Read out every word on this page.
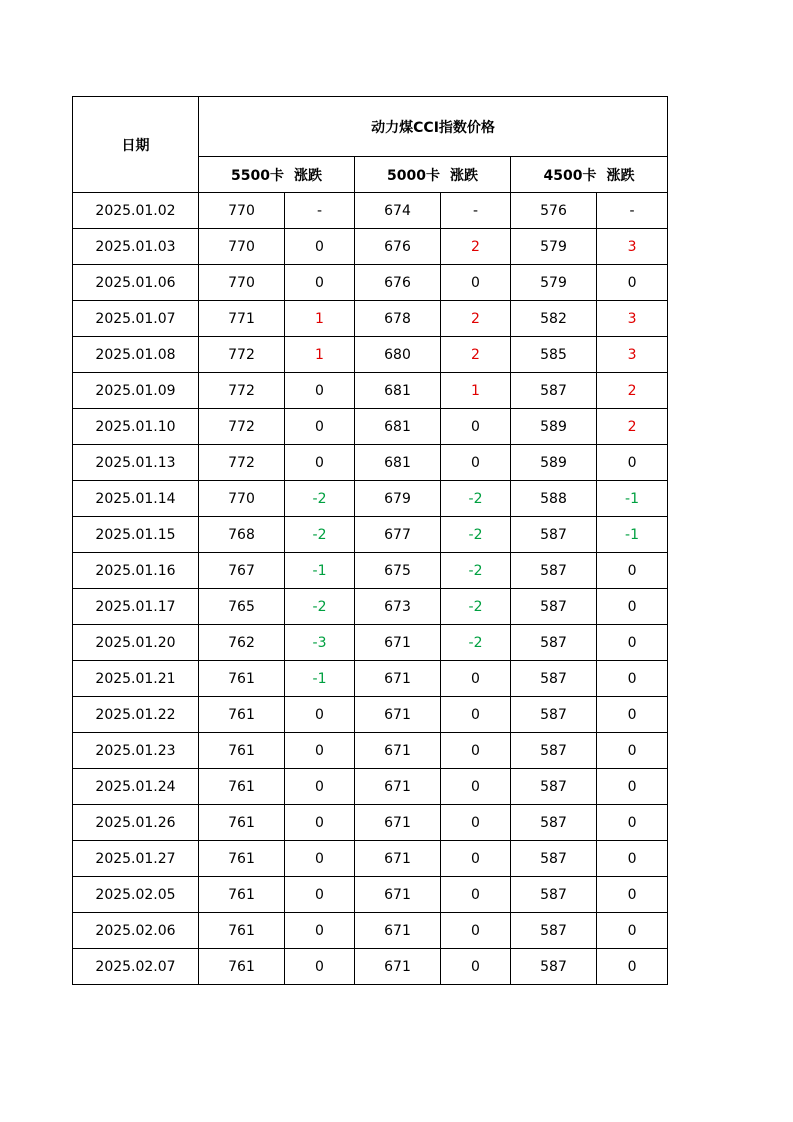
日期	动力煤CCI指数价格					
	5500卡 涨跌		5000卡 涨跌		4500卡 涨跌	
2025.01.02	770	-	674	-	576	-
2025.01.03	770	0	676	2	579	3
2025.01.06	770	0	676	0	579	0
2025.01.07	771	1	678	2	582	3
2025.01.08	772	1	680	2	585	3
2025.01.09	772	0	681	1	587	2
2025.01.10	772	0	681	0	589	2
2025.01.13	772	0	681	0	589	0
2025.01.14	770	-2	679	-2	588	-1
2025.01.15	768	-2	677	-2	587	-1
2025.01.16	767	-1	675	-2	587	0
2025.01.17	765	-2	673	-2	587	0
2025.01.20	762	-3	671	-2	587	0
2025.01.21	761	-1	671	0	587	0
2025.01.22	761	0	671	0	587	0
2025.01.23	761	0	671	0	587	0
2025.01.24	761	0	671	0	587	0
2025.01.26	761	0	671	0	587	0
2025.01.27	761	0	671	0	587	0
2025.02.05	761	0	671	0	587	0
2025.02.06	761	0	671	0	587	0
2025.02.07	761	0	671	0	587	0
